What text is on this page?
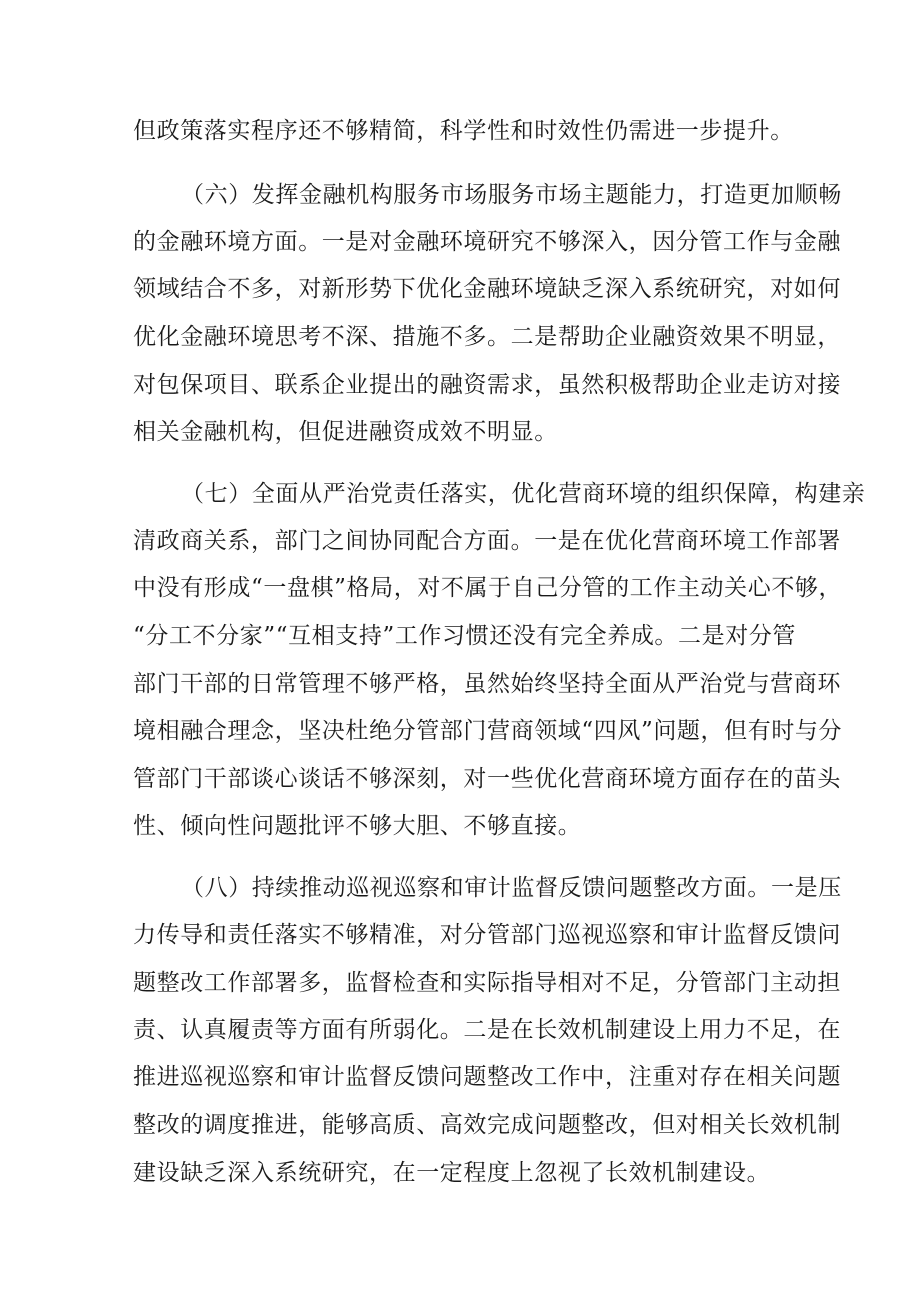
但政策落实程序还不够精简，科学性和时效性仍需进一步提升。

（六）发挥金融机构服务市场服务市场主题能力，打造更加顺畅

的金融环境方面。一是对金融环境研究不够深入，因分管工作与金融

领域结合不多，对新形势下优化金融环境缺乏深入系统研究，对如何

优化金融环境思考不深、措施不多。二是帮助企业融资效果不明显，

对包保项目、联系企业提出的融资需求，虽然积极帮助企业走访对接

相关金融机构，但促进融资成效不明显。

（七）全面从严治党责任落实，优化营商环境的组织保障，构建亲

清政商关系，部门之间协同配合方面。一是在优化营商环境工作部署

中没有形成“一盘棋”格局，对不属于自己分管的工作主动关心不够，

“分工不分家”“互相支持”工作习惯还没有完全养成。二是对分管

部门干部的日常管理不够严格，虽然始终坚持全面从严治党与营商环

境相融合理念，坚决杜绝分管部门营商领域“四风”问题，但有时与分

管部门干部谈心谈话不够深刻，对一些优化营商环境方面存在的苗头

性、倾向性问题批评不够大胆、不够直接。

（八）持续推动巡视巡察和审计监督反馈问题整改方面。一是压

力传导和责任落实不够精准，对分管部门巡视巡察和审计监督反馈问

题整改工作部署多，监督检查和实际指导相对不足，分管部门主动担

责、认真履责等方面有所弱化。二是在长效机制建设上用力不足，在

推进巡视巡察和审计监督反馈问题整改工作中，注重对存在相关问题

整改的调度推进，能够高质、高效完成问题整改，但对相关长效机制

建设缺乏深入系统研究，在一定程度上忽视了长效机制建设。
